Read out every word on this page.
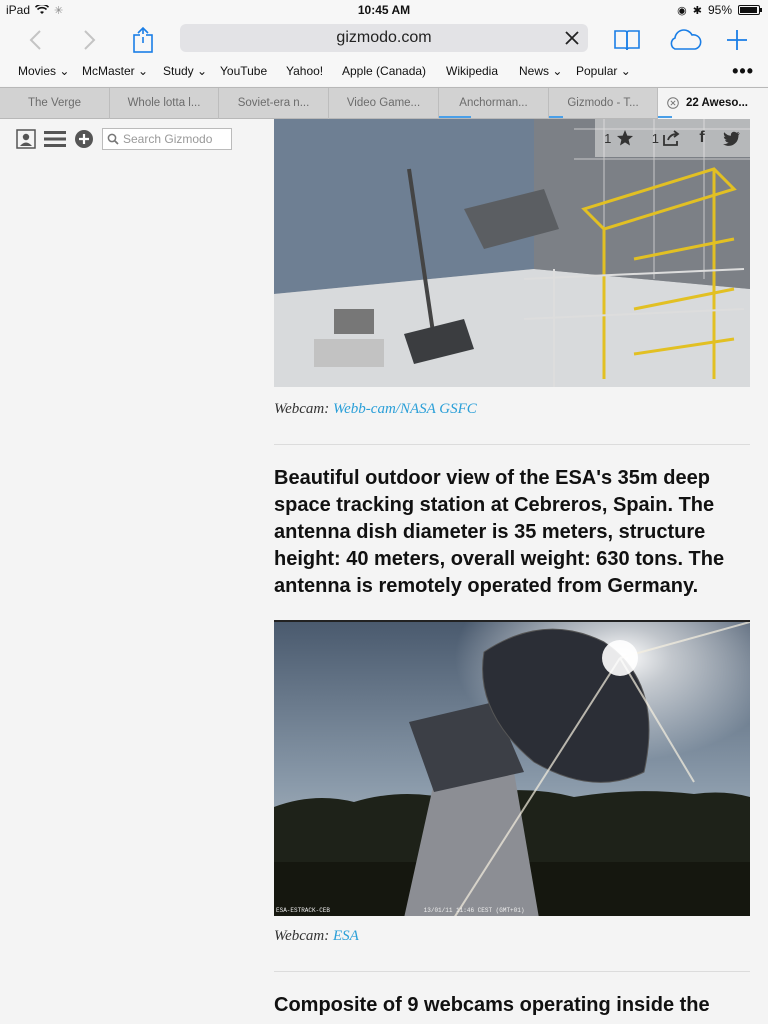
iPad ✳	10:45 AM	◉ ✱ 95%
gizmodo.com
Movies ⌄ McMaster ⌄ Study ⌄ YouTube Yahoo! Apple (Canada) Wikipedia News ⌄ Popular ⌄	•••
The Verge	Whole lotta l...	Soviet-era n...	Video Game...	Anchorman...	Gizmodo - T...	22 Aweso...
Search Gizmodo	1	1	f

Webcam: Webb-cam/NASA GSFC

Beautiful outdoor view of the ESA's 35m deep space tracking station at Cebreros, Spain. The antenna dish diameter is 35 meters, structure height: 40 meters, overall weight: 630 tons. The antenna is remotely operated from Germany.
ESA-ESTRACK-CEB	13/01/11 11:46 CEST (GMT+01)

Webcam: ESA

Composite of 9 webcams operating inside the
